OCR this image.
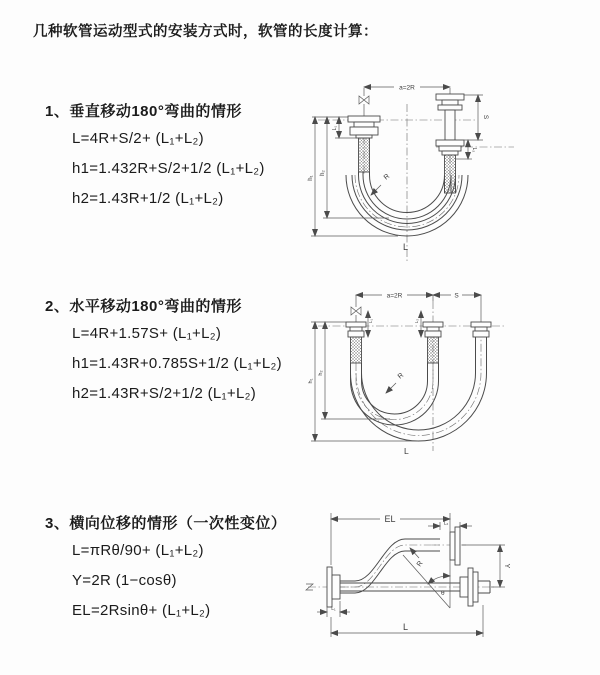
几种软管运动型式的安装方式时，软管的长度计算：
1、垂直移动180°弯曲的情形
L=4R+S/2+ (L₁+L₂)
h1=1.432R+S/2+1/2 (L₁+L₂)
h2=1.43R+1/2 (L₁+L₂)
2、水平移动180°弯曲的情形
L=4R+1.57S+ (L₁+L₂)
h1=1.43R+0.785S+1/2 (L₁+L₂)
h2=1.43R+S/2+1/2 (L₁+L₂)
3、横向位移的情形（一次性变位）
L=πRθ/90+ (L₁+L₂)
Y=2R (1−cosθ)
EL=2Rsinθ+ (L₁+L₂)
a=2R
S
L₂
h₁
h₂
L₁
R
L
a=2R	S
h₁
h₂
L₁	L₂
R
L
EL	L₂
Y
θ
R
L₁
L
